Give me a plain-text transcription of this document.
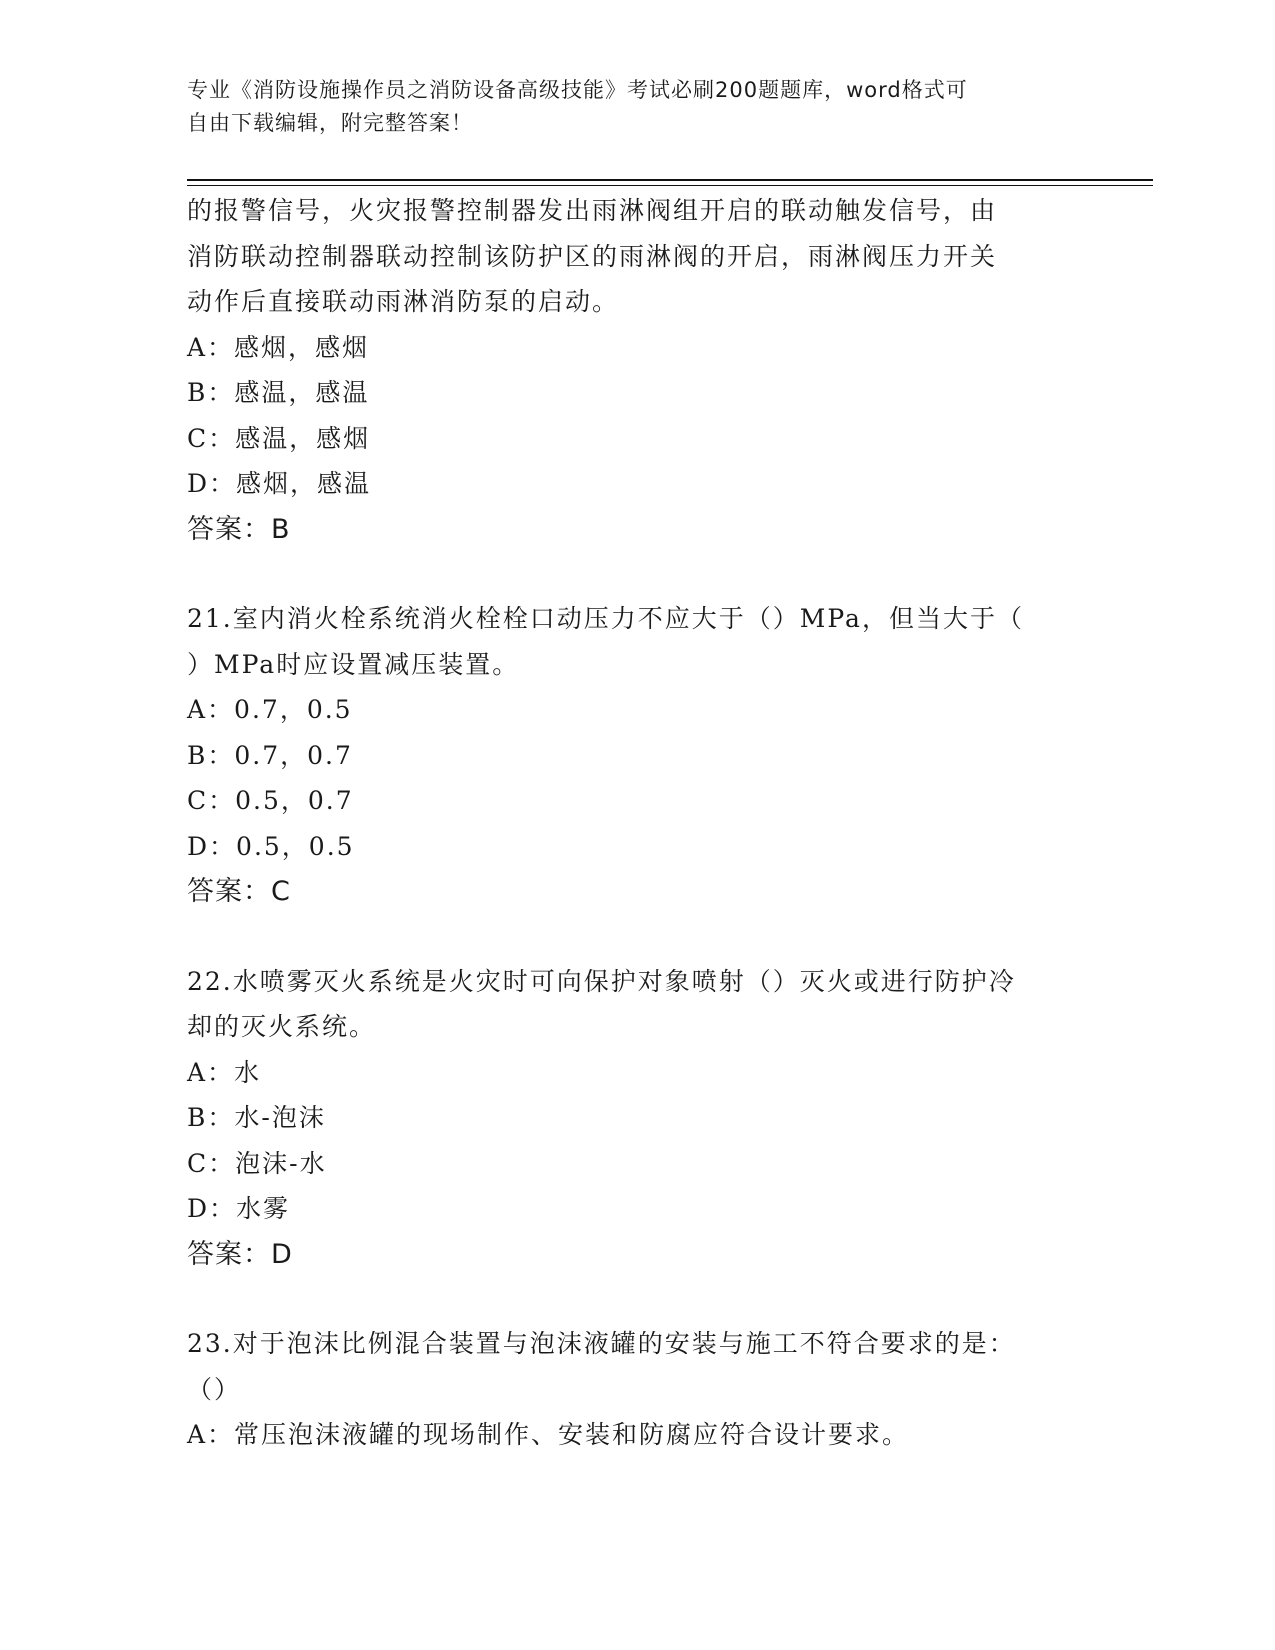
专业《消防设施操作员之消防设备高级技能》考试必刷200题题库，word格式可
自由下载编辑，附完整答案！
的报警信号，火灾报警控制器发出雨淋阀组开启的联动触发信号，由
消防联动控制器联动控制该防护区的雨淋阀的开启，雨淋阀压力开关
动作后直接联动雨淋消防泵的启动。
A：感烟，感烟
B：感温，感温
C：感温，感烟
D：感烟，感温
答案：B
21.室内消火栓系统消火栓栓口动压力不应大于（）MPa，但当大于（
）MPa时应设置减压装置。
A：0.7，0.5
B：0.7，0.7
C：0.5，0.7
D：0.5，0.5
答案：C
22.水喷雾灭火系统是火灾时可向保护对象喷射（）灭火或进行防护冷
却的灭火系统。
A：水
B：水-泡沫
C：泡沫-水
D：水雾
答案：D
23.对于泡沫比例混合装置与泡沫液罐的安装与施工不符合要求的是：
（）
A：常压泡沫液罐的现场制作、安装和防腐应符合设计要求。
